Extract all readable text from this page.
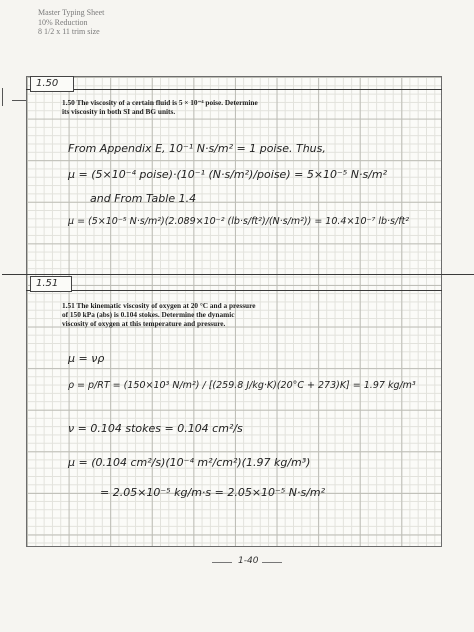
Master Typing Sheet
10% Reduction
8 1/2 x 11 trim size
1.50
1.50 The viscosity of a certain fluid is 5 × 10⁻⁴ poise. Determine its viscosity in both SI and BG units.
From Appendix E, 10⁻¹ N·s/m² = 1 poise. Thus,
μ = (5×10⁻⁴ poise)·(10⁻¹ (N·s/m²)/poise) = 5×10⁻⁵ N·s/m²
and From Table 1.4
μ = (5×10⁻⁵ N·s/m²)(2.089×10⁻² (lb·s/ft²)/(N·s/m²)) = 10.4×10⁻⁷ lb·s/ft²
1.51
1.51 The kinematic viscosity of oxygen at 20 °C and a pressure of 150 kPa (abs) is 0.104 stokes. Determine the dynamic viscosity of oxygen at this temperature and pressure.
μ = νρ
ρ = p/RT = (150×10³ N/m²) / [(259.8 J/kg·K)(20°C + 273)K] = 1.97 kg/m³
ν = 0.104 stokes = 0.104 cm²/s
μ = (0.104 cm²/s)(10⁻⁴ m²/cm²)(1.97 kg/m³)
= 2.05×10⁻⁵ kg/m·s = 2.05×10⁻⁵ N·s/m²
1-40
